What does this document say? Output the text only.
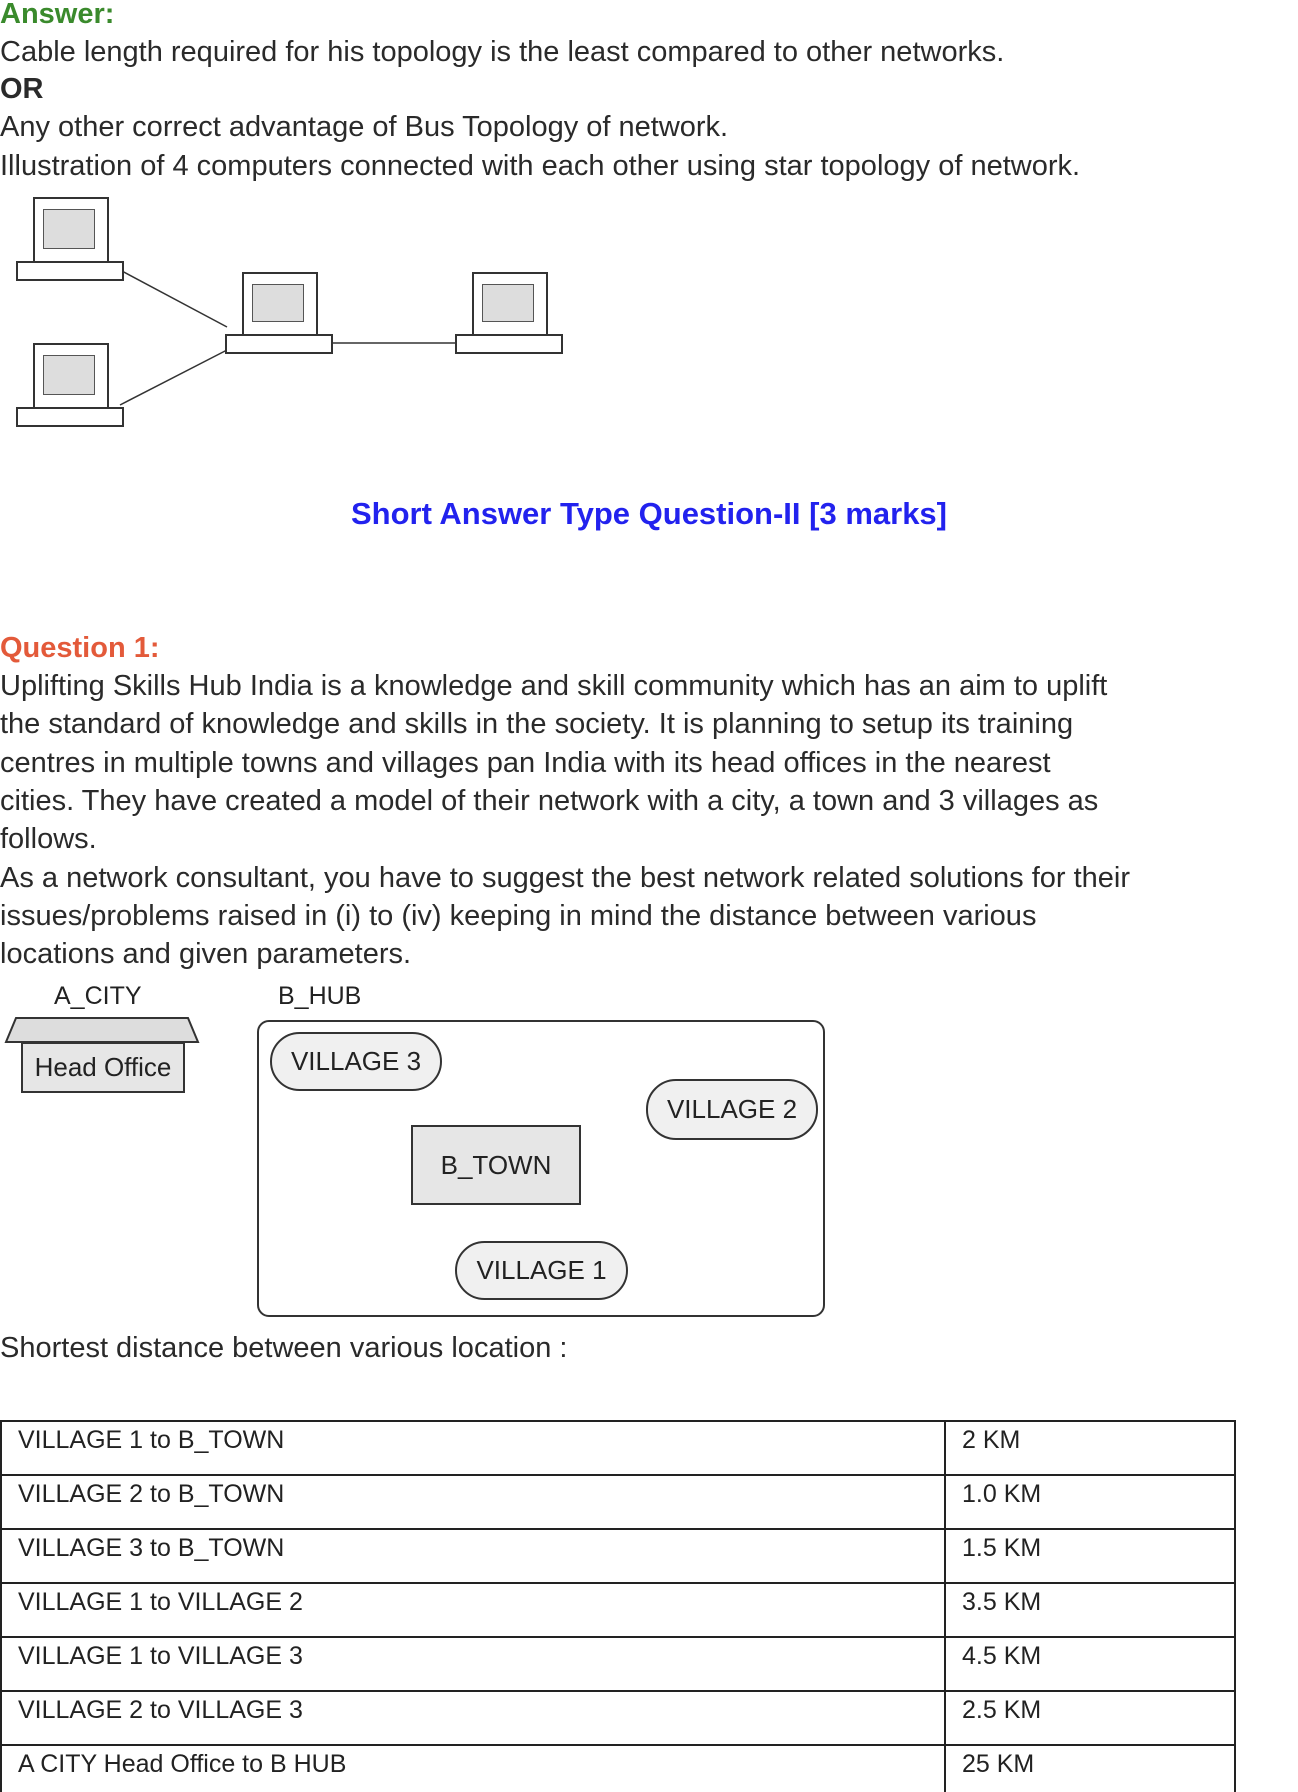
Answer:
Cable length required for his topology is the least compared to other networks.
OR
Any other correct advantage of Bus Topology of network.
Illustration of 4 computers connected with each other using star topology of network.
Short Answer Type Question-II [3 marks]
Question 1:
Uplifting Skills Hub India is a knowledge and skill community which has an aim to uplift
the standard of knowledge and skills in the society. It is planning to setup its training
centres in multiple towns and villages pan India with its head offices in the nearest
cities. They have created a model of their network with a city, a town and 3 villages as
follows.
As a network consultant, you have to suggest the best network related solutions for their
issues/problems raised in (i) to (iv) keeping in mind the distance between various
locations and given parameters.
A_CITY
Head Office
B_HUB
VILLAGE 3
VILLAGE 2
B_TOWN
VILLAGE 1
Shortest distance between various location :
VILLAGE 1 to B_TOWN	2 KM
VILLAGE 2 to B_TOWN	1.0 KM
VILLAGE 3 to B_TOWN	1.5 KM
VILLAGE 1 to VILLAGE 2	3.5 KM
VILLAGE 1 to VILLAGE 3	4.5 KM
VILLAGE 2 to VILLAGE 3	2.5 KM
A CITY Head Office to B HUB	25 KM
